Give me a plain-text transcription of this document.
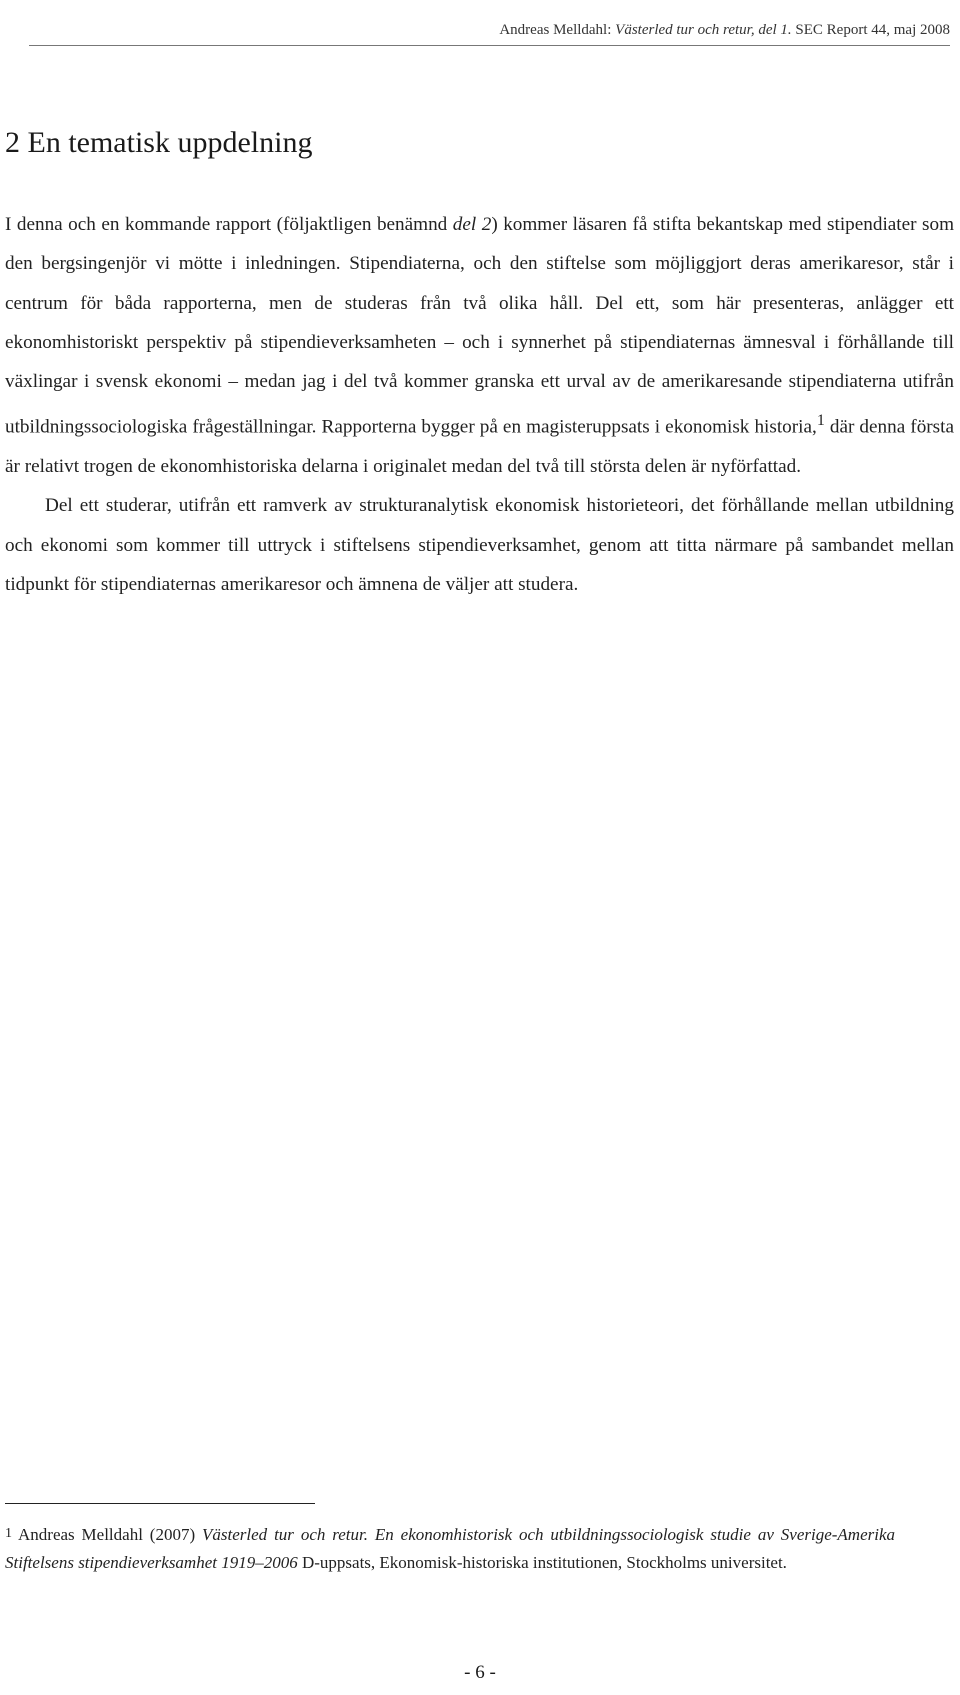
Andreas Melldahl: Västerled tur och retur, del 1. SEC Report 44, maj 2008
2 En tematisk uppdelning

I denna och en kommande rapport (följaktligen benämnd del 2) kommer läsaren få stifta bekantskap med stipendiater som den bergsingenjör vi mötte i inledningen. Stipendiaterna, och den stiftelse som möjliggjort deras amerikaresor, står i centrum för båda rapporterna, men de studeras från två olika håll. Del ett, som här presenteras, anlägger ett ekonomhistoriskt perspektiv på stipendieverksamheten – och i synnerhet på stipendiaternas ämnesval i förhållande till växlingar i svensk ekonomi – medan jag i del två kommer granska ett urval av de amerikaresande stipendiaterna utifrån utbildningssociologiska frågeställningar. Rapporterna bygger på en magisteruppsats i ekonomisk historia,$^1$ där denna första är relativt trogen de ekonomhistoriska delarna i originalet medan del två till största delen är nyförfattad.

Del ett studerar, utifrån ett ramverk av strukturanalytisk ekonomisk historieteori, det förhållande mellan utbildning och ekonomi som kommer till uttryck i stiftelsens stipendieverksamhet, genom att titta närmare på sambandet mellan tidpunkt för stipendiaternas amerikaresor och ämnena de väljer att studera.

1 Andreas Melldahl (2007) Västerled tur och retur. En ekonomhistorisk och utbildningssociologisk studie av Sverige-Amerika Stiftelsens stipendieverksamhet 1919–2006 D-uppsats, Ekonomisk-historiska institutionen, Stockholms universitet.
- 6 -
